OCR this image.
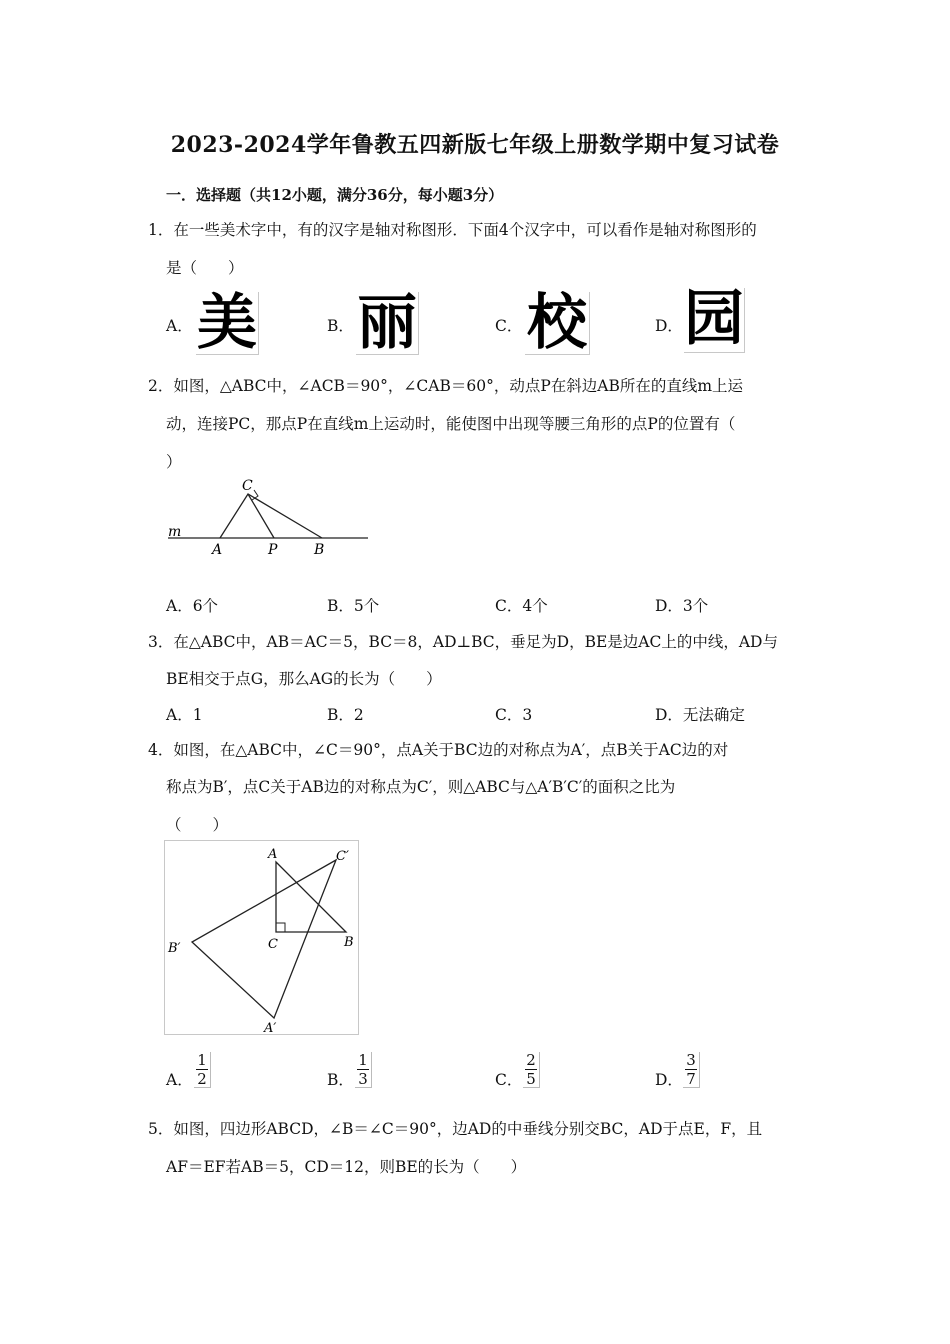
2023-2024学年鲁教五四新版七年级上册数学期中复习试卷
一．选择题（共12小题，满分36分，每小题3分）
1．在一些美术字中，有的汉字是轴对称图形．下面4个汉字中，可以看作是轴对称图形的
是（　　）
A． 美	B． 丽	C． 校	D． 园
2．如图，△ABC中，∠ACB＝90°，∠CAB＝60°，动点P在斜边AB所在的直线m上运
动，连接PC，那点P在直线m上运动时，能使图中出现等腰三角形的点P的位置有（
）
C
m
A	P	B
A．6个	B．5个	C．4个	D．3个
3．在△ABC中，AB＝AC＝5，BC＝8，AD⊥BC，垂足为D，BE是边AC上的中线，AD与
BE相交于点G，那么AG的长为（　　）
A．1	B．2	C．3	D．无法确定
4．如图，在△ABC中，∠C＝90°，点A关于BC边的对称点为A′，点B关于AC边的对
称点为B′，点C关于AB边的对称点为C′，则△ABC与△A′B′C′的面积之比为
（　　）
A	C′
B′	C	B
A′
A．
1
2	B．
1
3	C．
2
5	D．
3
7
5．如图，四边形ABCD，∠B＝∠C＝90°，边AD的中垂线分别交BC，AD于点E，F，且
AF＝EF若AB＝5，CD＝12，则BE的长为（　　）
